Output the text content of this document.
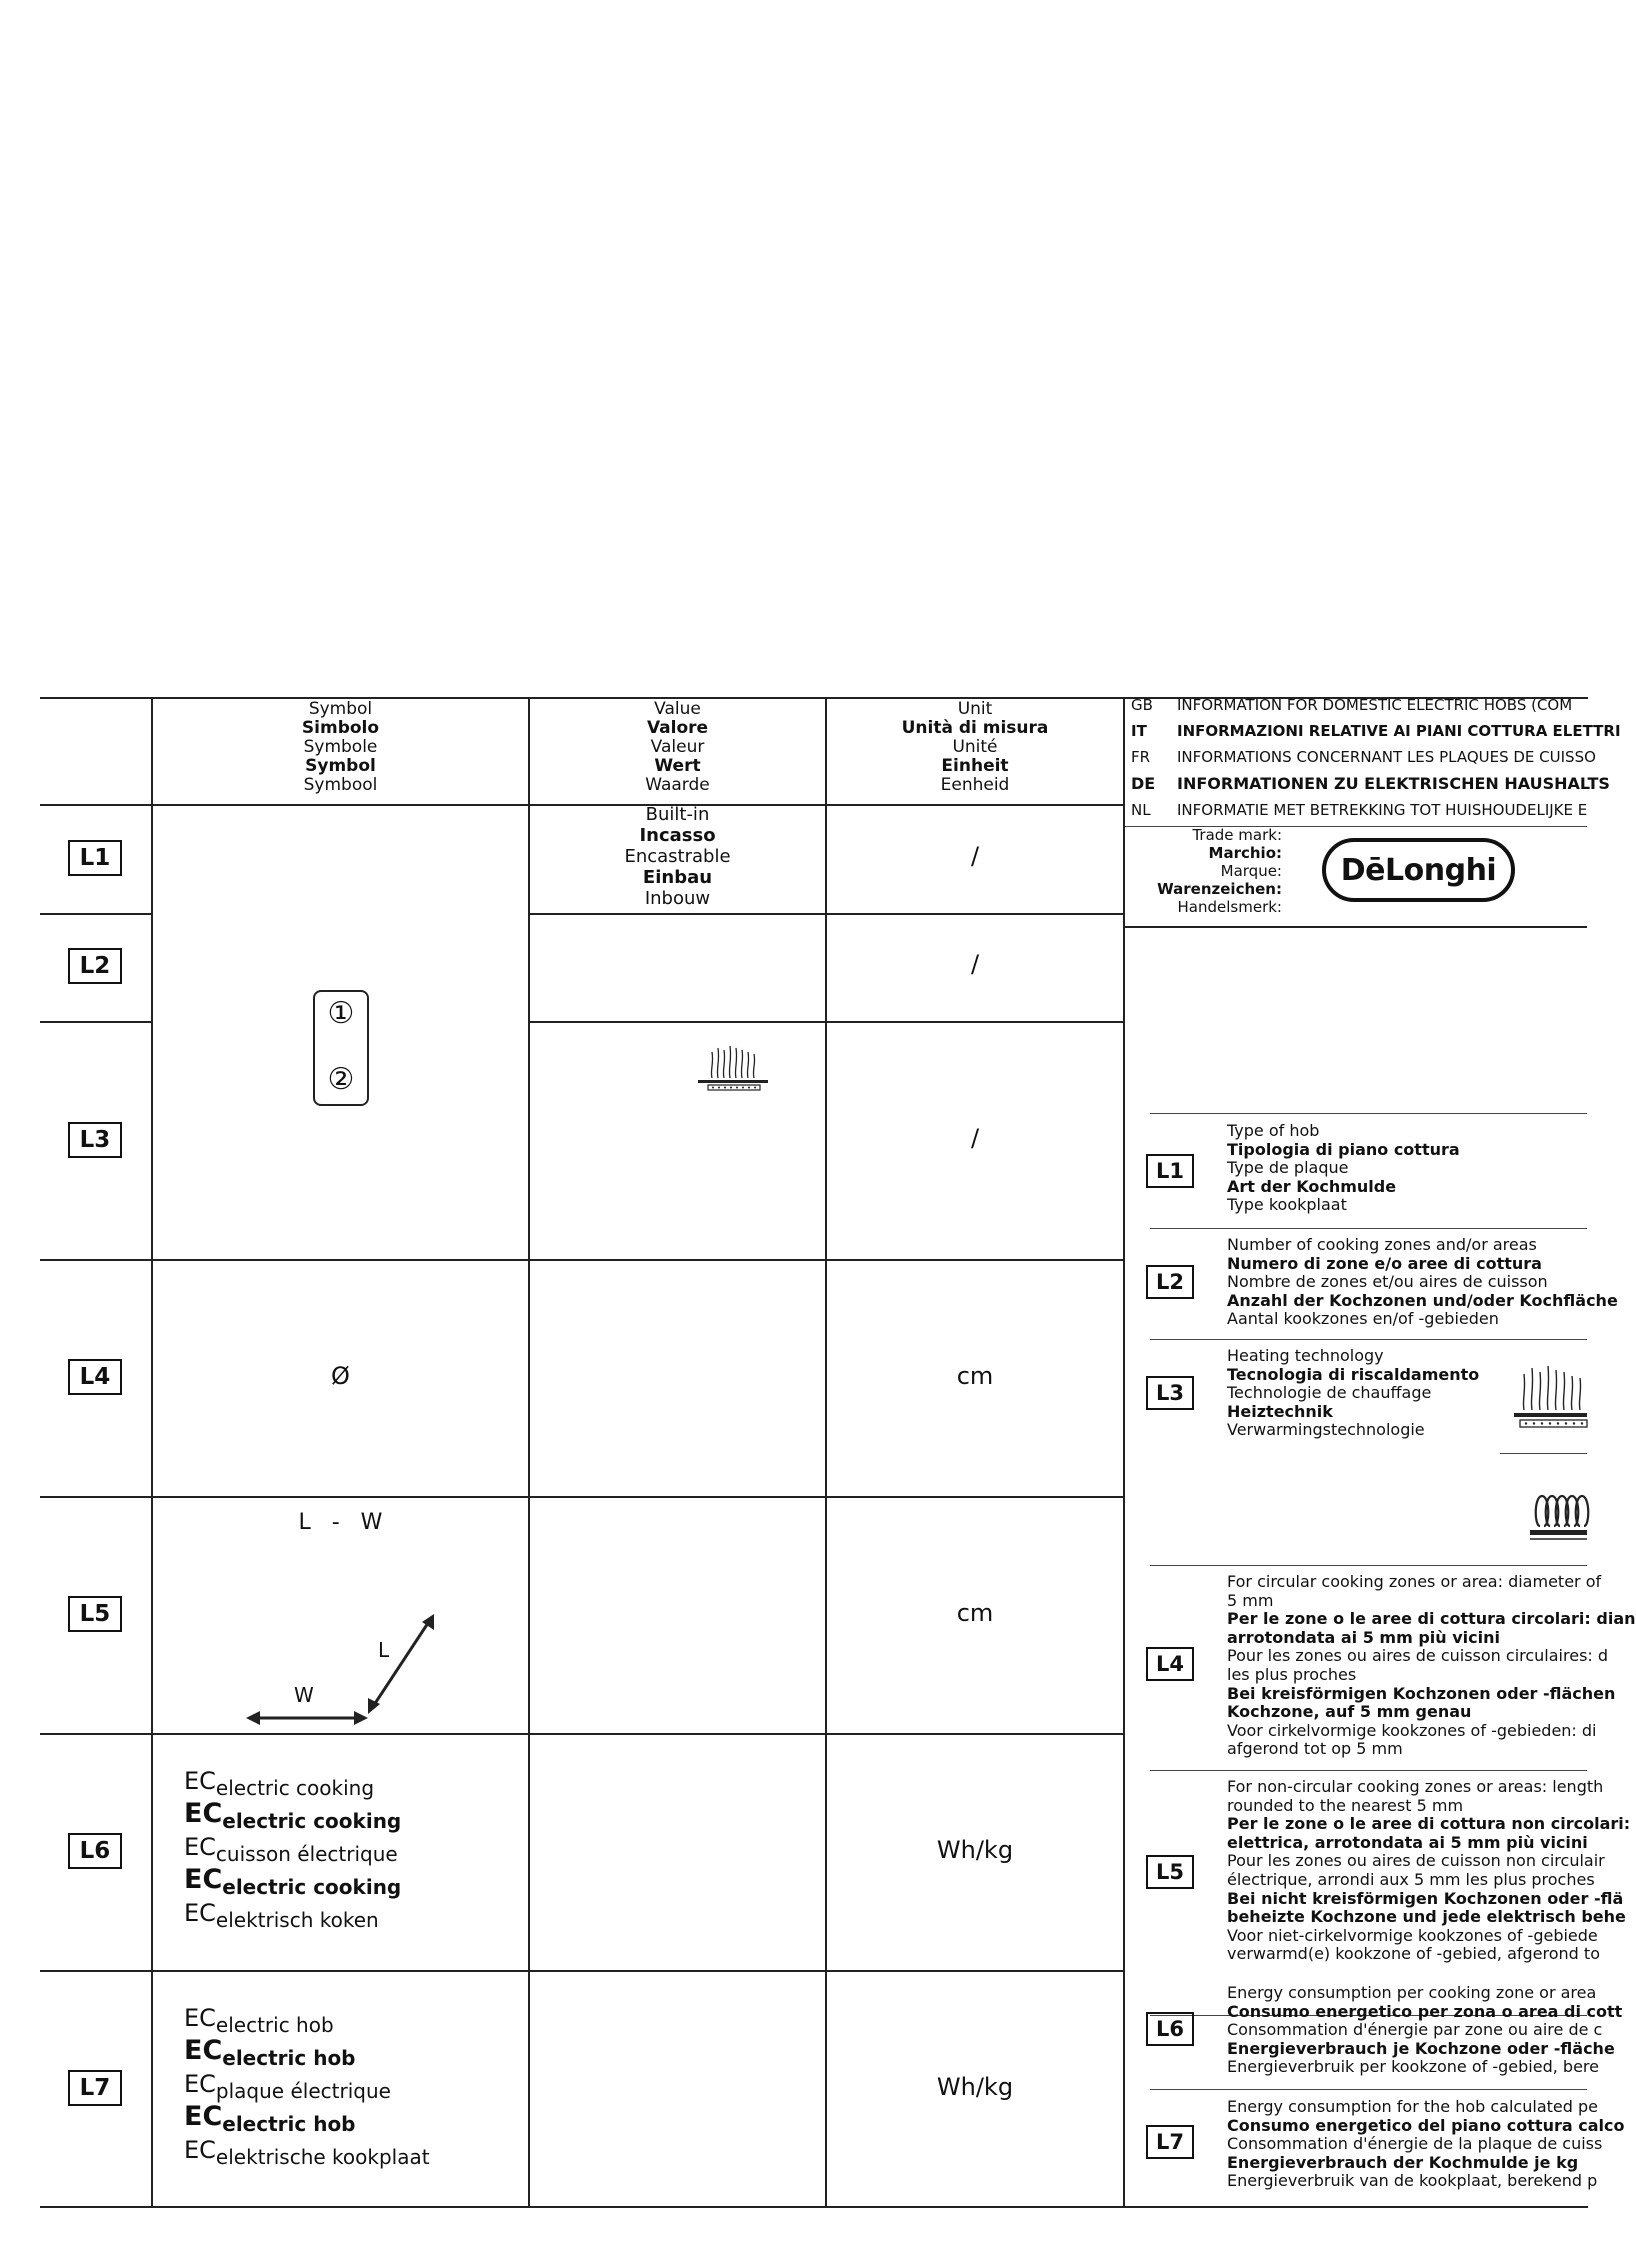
Symbol
Simbolo
Symbole
Symbol
Symbool
Value
Valore
Valeur
Wert
Waarde
Unit
Unità di misura
Unité
Einheit
Eenheid
L1
L2
L3
L4
L5
L6
L7
Built-in
Incasso
Encastrable
Einbau
Inbouw
/
/
/
cm
cm
Wh/kg
Wh/kg
①
②
Ø
L   -   W
L
W
$EC_{electric cooking}$
$EC_{electric cooking}$
$EC_{cuisson électrique}$
$EC_{electric cooking}$
$EC_{elektrisch koken}$
$EC_{electric hob}$
$EC_{electric hob}$
$EC_{plaque électrique}$
$EC_{electric hob}$
$EC_{elektrische kookplaat}$
GB INFORMATION FOR DOMESTIC ELECTRIC HOBS (COM
IT INFORMAZIONI RELATIVE AI PIANI COTTURA ELETTRI
FR INFORMATIONS CONCERNANT LES PLAQUES DE CUISSO
DE INFORMATIONEN ZU ELEKTRISCHEN HAUSHALTS
NL INFORMATIE MET BETREKKING TOT HUISHOUDELIJKE E
Trade mark:
Marchio:
Marque:
Warenzeichen:
Handelsmerk:
DēLonghi
L1
L2
L3
L4
L5
L6
L7
Type of hob
Tipologia di piano cottura
Type de plaque
Art der Kochmulde
Type kookplaat
Number of cooking zones and/or areas
Numero di zone e/o aree di cottura
Nombre de zones et/ou aires de cuisson
Anzahl der Kochzonen und/oder Kochfläche
Aantal kookzones en/of -gebieden
Heating technology
Tecnologia di riscaldamento
Technologie de chauffage
Heiztechnik
Verwarmingstechnologie
For circular cooking zones or area: diameter of
5 mm
Per le zone o le aree di cottura circolari: dian
arrotondata ai 5 mm più vicini
Pour les zones ou aires de cuisson circulaires: d
les plus proches
Bei kreisförmigen Kochzonen oder -flächen
Kochzone, auf 5 mm genau
Voor cirkelvormige kookzones of -gebieden: di
afgerond tot op 5 mm
For non-circular cooking zones or areas: length
rounded to the nearest 5 mm
Per le zone o le aree di cottura non circolari:
elettrica, arrotondata ai 5 mm più vicini
Pour les zones ou aires de cuisson non circulair
électrique, arrondi aux 5 mm les plus proches
Bei nicht kreisförmigen Kochzonen oder -flä
beheizte Kochzone und jede elektrisch behe
Voor niet-cirkelvormige kookzones of -gebiede
verwarmd(e) kookzone of -gebied, afgerond to
Energy consumption per cooking zone or area
Consumo energetico per zona o area di cott
Consommation d'énergie par zone ou aire de c
Energieverbrauch je Kochzone oder -fläche
Energieverbruik per kookzone of -gebied, bere
Energy consumption for the hob calculated pe
Consumo energetico del piano cottura calco
Consommation d'énergie de la plaque de cuiss
Energieverbrauch der Kochmulde je kg
Energieverbruik van de kookplaat, berekend p
